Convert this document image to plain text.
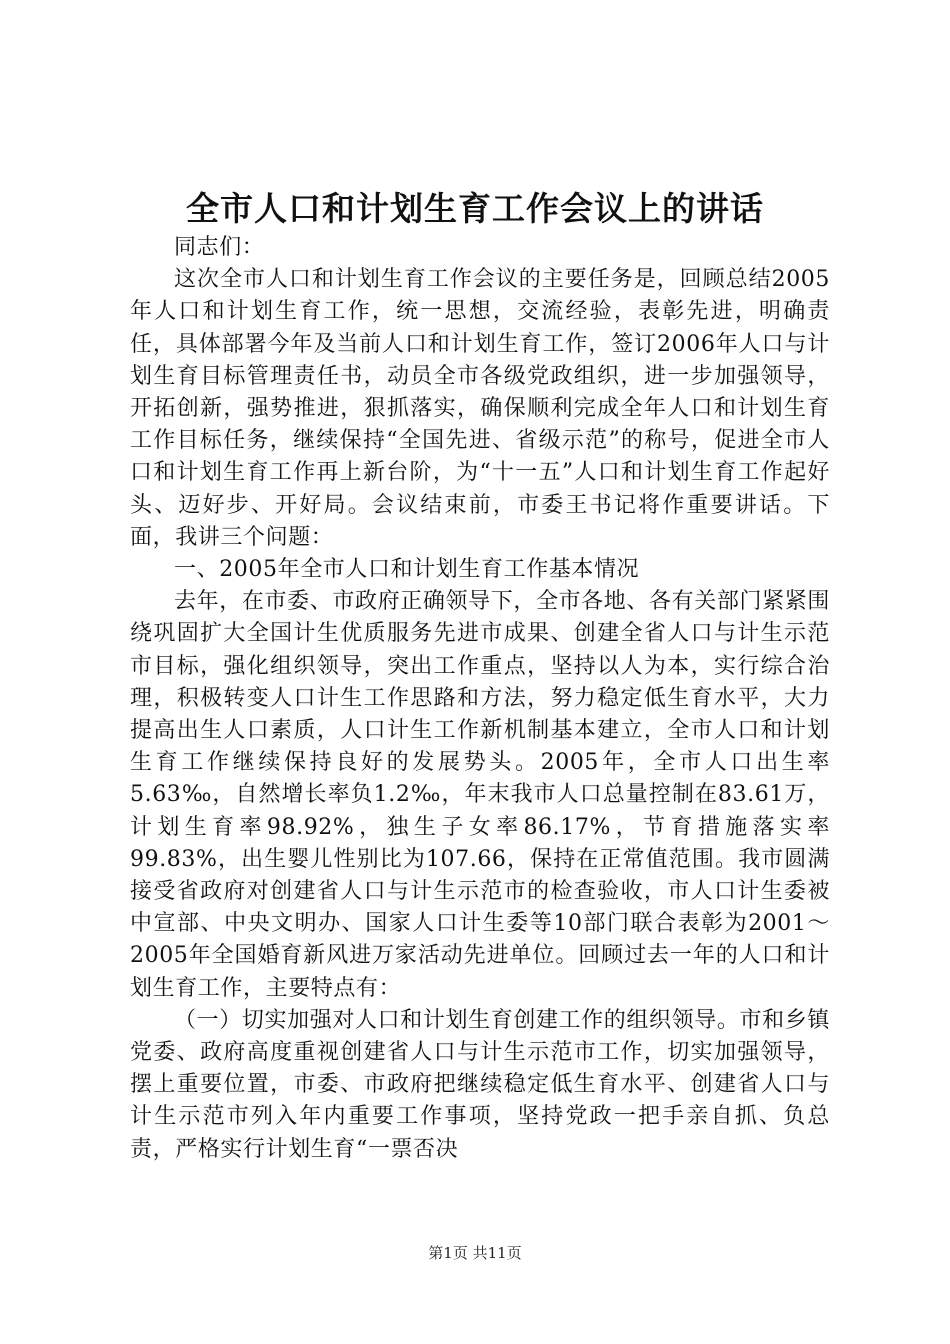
全市人口和计划生育工作会议上的讲话

同志们：

这次全市人口和计划生育工作会议的主要任务是，回顾总结2005年人口和计划生育工作，统一思想，交流经验，表彰先进，明确责任，具体部署今年及当前人口和计划生育工作，签订2006年人口与计划生育目标管理责任书，动员全市各级党政组织，进一步加强领导，开拓创新，强势推进，狠抓落实，确保顺利完成全年人口和计划生育工作目标任务，继续保持“全国先进、省级示范”的称号，促进全市人口和计划生育工作再上新台阶，为“十一五”人口和计划生育工作起好头、迈好步、开好局。会议结束前，市委王书记将作重要讲话。下面，我讲三个问题：

一、2005年全市人口和计划生育工作基本情况

去年，在市委、市政府正确领导下，全市各地、各有关部门紧紧围绕巩固扩大全国计生优质服务先进市成果、创建全省人口与计生示范市目标，强化组织领导，突出工作重点，坚持以人为本，实行综合治理，积极转变人口计生工作思路和方法，努力稳定低生育水平，大力提高出生人口素质，人口计生工作新机制基本建立，全市人口和计划生育工作继续保持良好的发展势头。2005年，全市人口出生率5.63‰，自然增长率负1.2‰，年末我市人口总量控制在83.61万，计划生育率98.92%，独生子女率86.17%，节育措施落实率99.83%，出生婴儿性别比为107.66，保持在正常值范围。我市圆满接受省政府对创建省人口与计生示范市的检查验收，市人口计生委被中宣部、中央文明办、国家人口计生委等10部门联合表彰为2001～2005年全国婚育新风进万家活动先进单位。回顾过去一年的人口和计划生育工作，主要特点有：

（一）切实加强对人口和计划生育创建工作的组织领导。市和乡镇党委、政府高度重视创建省人口与计生示范市工作，切实加强领导，摆上重要位置，市委、市政府把继续稳定低生育水平、创建省人口与计生示范市列入年内重要工作事项，坚持党政一把手亲自抓、负总责，严格实行计划生育“一票否决

第1页 共11页
